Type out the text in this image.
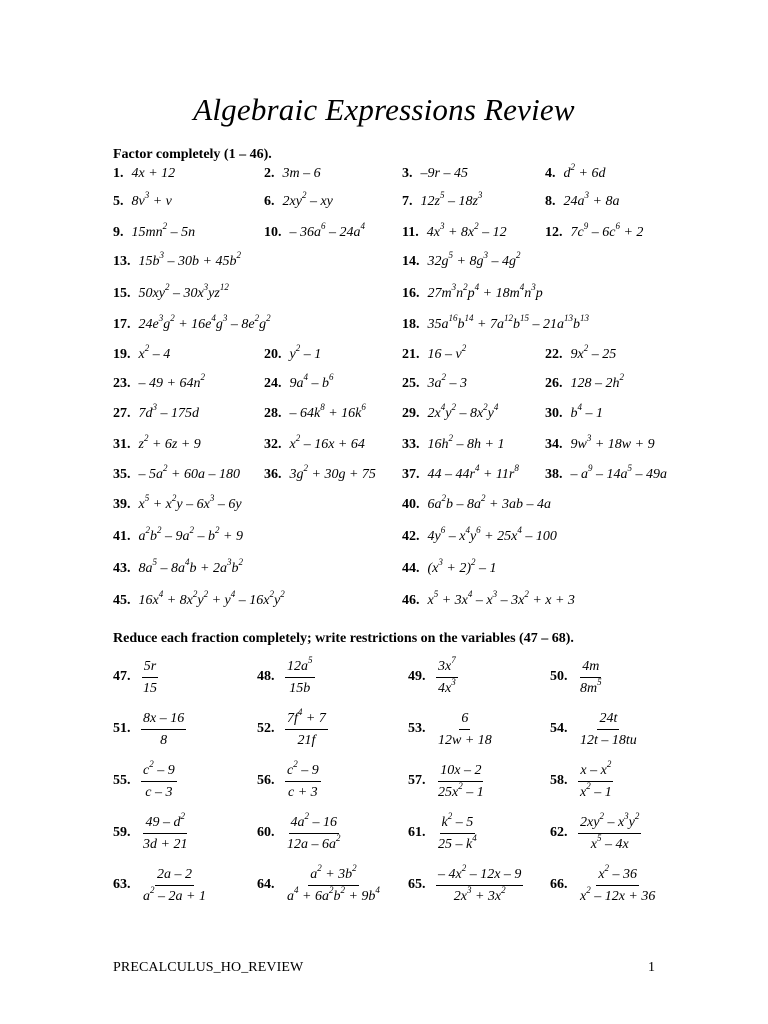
Algebraic Expressions Review
Factor completely (1 – 46).
1. 4x + 12	2. 3m – 6	3. –9r – 45	4. $d^2 + 6d$
5. $8v^3 + v$	6. $2xy^2$ – xy	7. $12z^5 - 18z^3$	8. $24a^3 + 8a$
9. $15mn^2 - 5n$	10. – $36a^6 - 24a^4$	11. $4x^3 + 8x^2 - 12$	12. $7c^9 - 6c^6 + 2$
13. $15b^3 - 30b + 45b^2$	14. $32g^5 + 8g^3 - 4g^2$
15. $50xy^2 - 30x^3yz^{12}$	16. $27m^3n^2p^4 + 18m^4n^3p$
17. $24e^3g^2 + 16e^4g^3 - 8e^2g^2$	18. $35a^{16}b^{14} + 7a^{12}b^{15} - 21a^{13}b^{13}$
19. $x^2 - 4$	20. $y^2 - 1$	21. $16 - v^2$	22. $9x^2 - 25$
23. – $49 + 64n^2$	24. $9a^4 - b^6$	25. $3a^2 - 3$	26. $128 - 2h^2$
27. $7d^3 - 175d$	28. – $64k^8 + 16k^6$	29. $2x^4y^2 - 8x^2y^4$	30. $b^4 - 1$
31. $z^2 + 6z + 9$	32. $x^2 - 16x + 64$	33. $16h^2 - 8h + 1$	34. $9w^3 + 18w + 9$
35. – $5a^2 + 60a - 180$ 36. $3g^2 + 30g + 75$ 37. $44 - 44r^4 + 11r^8$ 38. – $a^9 - 14a^5 - 49a$
39. $x^5 + x^2y - 6x^3 - 6y$	40. $6a^2b - 8a^2 + 3ab - 4a$
41. $a^2b^2 - 9a^2 - b^2 + 9$	42. $4y^6 - x^4y^6 + 25x^4 - 100$
43. $8a^5 - 8a^4b + 2a^3b^2$	44. $(x^3 + 2)^2 - 1$
45. $16x^4 + 8x^2y^2 + y^4 - 16x^2y^2$	46. $x^5 + 3x^4 - x^3 - 3x^2 + x + 3$
Reduce each fraction completely; write restrictions on the variables (47 – 68).
47. $\frac{5r}{15}$	48. $\frac{12a^5}{15b}$	49. $\frac{3x^7}{4x^3}$	50. $\frac{4m}{8m^5}$
51. $\frac{8x - 16}{8}$	52. $\frac{7f^4 + 7}{21f}$	53. $\frac{6}{12w + 18}$	54. $\frac{24t}{12t - 18tu}$
55. $\frac{c^2 - 9}{c - 3}$	56. $\frac{c^2 - 9}{c + 3}$	57. $\frac{10x - 2}{25x^2 - 1}$	58. $\frac{x - x^2}{x^2 - 1}$
59. $\frac{49 - d^2}{3d + 21}$	60. $\frac{4a^2 - 16}{12a - 6a^2}$	61. $\frac{k^2 - 5}{25 - k^4}$	62. $\frac{2xy^2 - x^3y^2}{x^5 - 4x}$
63. $\frac{2a - 2}{a^2 - 2a + 1}$	64. $\frac{a^2 + 3b^2}{a^4 + 6a^2b^2 + 9b^4} 65$. $\frac{- 4x^2 - 12x - 9}{2x^3 + 3x^2} 66$. $\frac{x^2 - 36}{x^2 - 12x + 36}$
PRECALCULUS_HO_REVIEW	1
